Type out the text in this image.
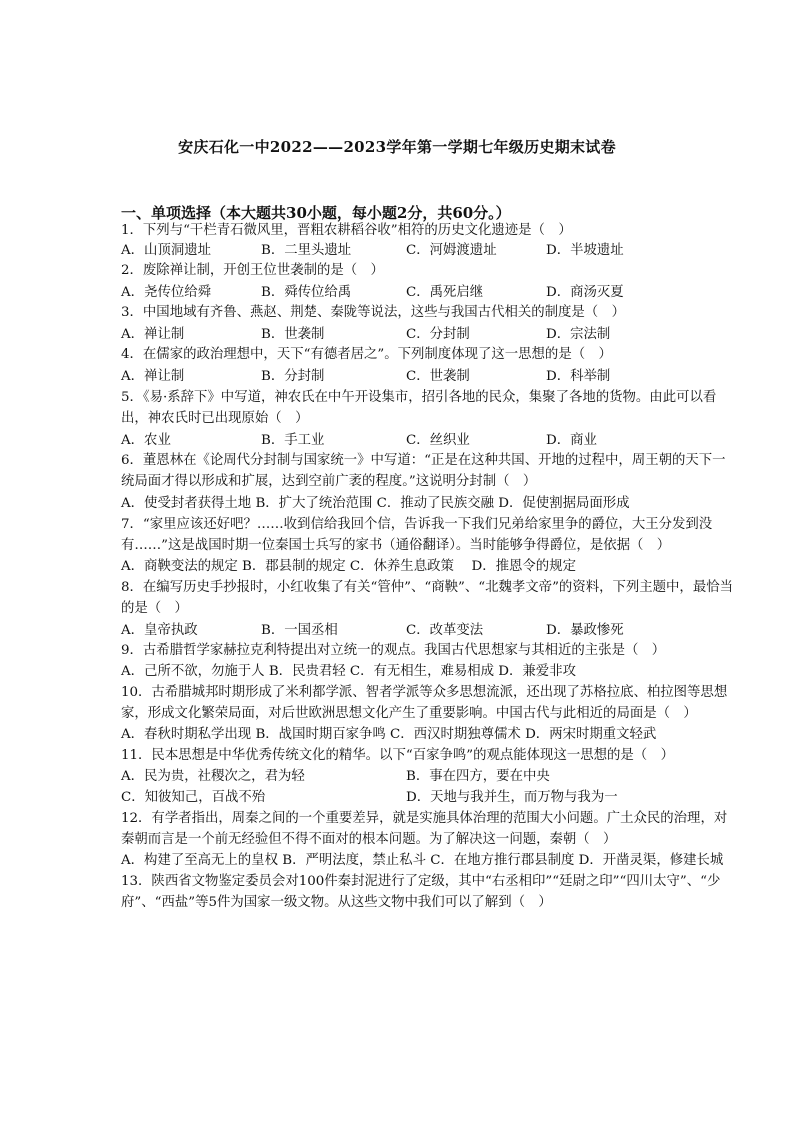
安庆石化一中2022——2023学年第一学期七年级历史期末试卷
一、单项选择（本大题共30小题，每小题2分，共60分。）
1．下列与“干栏青石微风里，晋粗农耕稻谷收”相符的历史文化遗迹是（　）
A．山顶洞遗址	B．二里头遗址	C．河姆渡遗址	D．半坡遗址
2．废除禅让制，开创王位世袭制的是（　）
A．尧传位给舜	B．舜传位给禹	C．禹死启继	D．商汤灭夏
3．中国地域有齐鲁、燕赵、荆楚、秦陇等说法，这些与我国古代相关的制度是（　）
A．禅让制	B．世袭制	C．分封制	D．宗法制
4．在儒家的政治理想中，天下“有德者居之”。下列制度体现了这一思想的是（　）
A．禅让制	B．分封制	C．世袭制	D．科举制
5．《易·系辞下》中写道，神农氏在中午开设集市，招引各地的民众，集聚了各地的货物。由此可以看
出，神农氏时已出现原始（　）
A．农业	B．手工业	C．丝织业	D．商业
6．董恩林在《论周代分封制与国家统一》中写道：“正是在这种共国、开地的过程中，周王朝的天下一
统局面才得以形成和扩展，达到空前广袤的程度。”这说明分封制（　）
A．使受封者获得土地 B．扩大了统治范围 C．推动了民族交融 D．促使割据局面形成
7．“家里应该还好吧？……收到信给我回个信，告诉我一下我们兄弟给家里争的爵位，大王分发到没
有……”这是战国时期一位秦国士兵写的家书（通俗翻译）。当时能够争得爵位，是依据（　）
A．商鞅变法的规定 B．郡县制的规定 C．休养生息政策　 D．推恩令的规定
8．在编写历史手抄报时，小红收集了有关“管仲”、“商鞅”、“北魏孝文帝”的资料，下列主题中，最恰当
的是（　）
A．皇帝执政	B．一国丞相	C．改革变法	D．暴政惨死
9．古希腊哲学家赫拉克利特提出对立统一的观点。我国古代思想家与其相近的主张是（　）
A．己所不欲，勿施于人 B．民贵君轻 C．有无相生，难易相成 D．兼爱非攻
10．古希腊城邦时期形成了米利都学派、智者学派等众多思想流派，还出现了苏格拉底、柏拉图等思想
家，形成文化繁荣局面，对后世欧洲思想文化产生了重要影响。中国古代与此相近的局面是（　）
A．春秋时期私学出现 B．战国时期百家争鸣 C．西汉时期独尊儒术 D．两宋时期重文轻武
11．民本思想是中华优秀传统文化的精华。以下“百家争鸣”的观点能体现这一思想的是（　）
A．民为贵，社稷次之，君为轻	B．事在四方，要在中央
C．知彼知己，百战不殆	D．天地与我并生，而万物与我为一
12．有学者指出，周秦之间的一个重要差异，就是实施具体治理的范围大小问题。广土众民的治理，对
秦朝而言是一个前无经验但不得不面对的根本问题。为了解决这一问题，秦朝（　）
A．构建了至高无上的皇权 B．严明法度，禁止私斗 C．在地方推行郡县制度 D．开凿灵渠，修建长城
13．陕西省文物鉴定委员会对100件秦封泥进行了定级，其中“右丞相印”“廷尉之印”“四川太守”、“少
府”、“西盐”等5件为国家一级文物。从这些文物中我们可以了解到（　）
